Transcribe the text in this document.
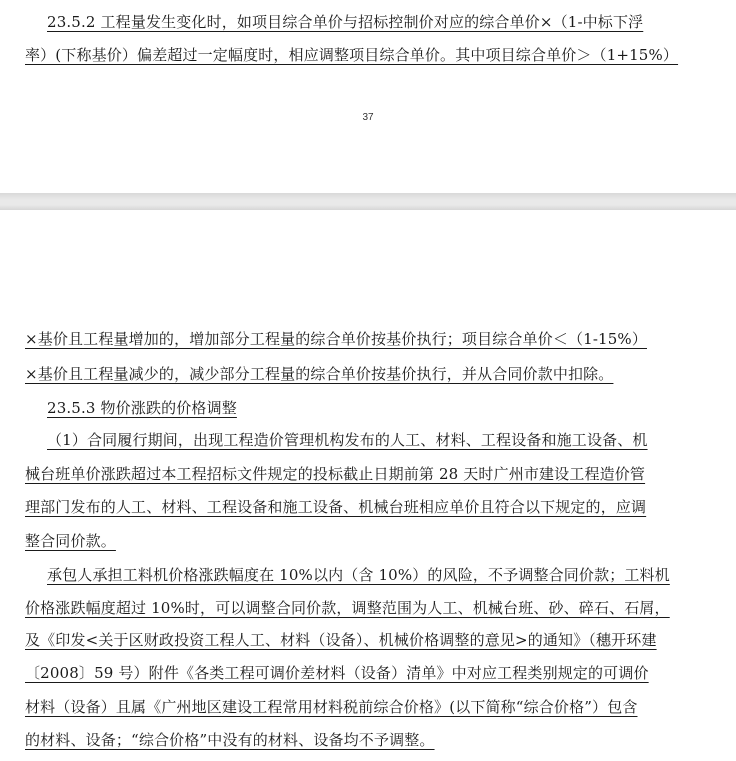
23.5.2 工程量发生变化时，如项目综合单价与招标控制价对应的综合单价×（1-中标下浮
率）(下称基价）偏差超过一定幅度时，相应调整项目综合单价。其中项目综合单价＞（1+15%）
37
×基价且工程量增加的，增加部分工程量的综合单价按基价执行；项目综合单价＜（1-15%）
×基价且工程量减少的，减少部分工程量的综合单价按基价执行，并从合同价款中扣除。
23.5.3 物价涨跌的价格调整
（1）合同履行期间，出现工程造价管理机构发布的人工、材料、工程设备和施工设备、机
械台班单价涨跌超过本工程招标文件规定的投标截止日期前第 28 天时广州市建设工程造价管
理部门发布的人工、材料、工程设备和施工设备、机械台班相应单价且符合以下规定的，应调
整合同价款。
承包人承担工料机价格涨跌幅度在 10%以内（含 10%）的风险，不予调整合同价款；工料机
价格涨跌幅度超过 10%时，可以调整合同价款，调整范围为人工、机械台班、砂、碎石、石屑，
及《印发<关于区财政投资工程人工、材料（设备）、机械价格调整的意见>的通知》（穗开环建
〔2008〕59 号）附件《各类工程可调价差材料（设备）清单》中对应工程类别规定的可调价
材料（设备）且属《广州地区建设工程常用材料税前综合价格》(以下简称“综合价格”）包含
的材料、设备；“综合价格”中没有的材料、设备均不予调整。
